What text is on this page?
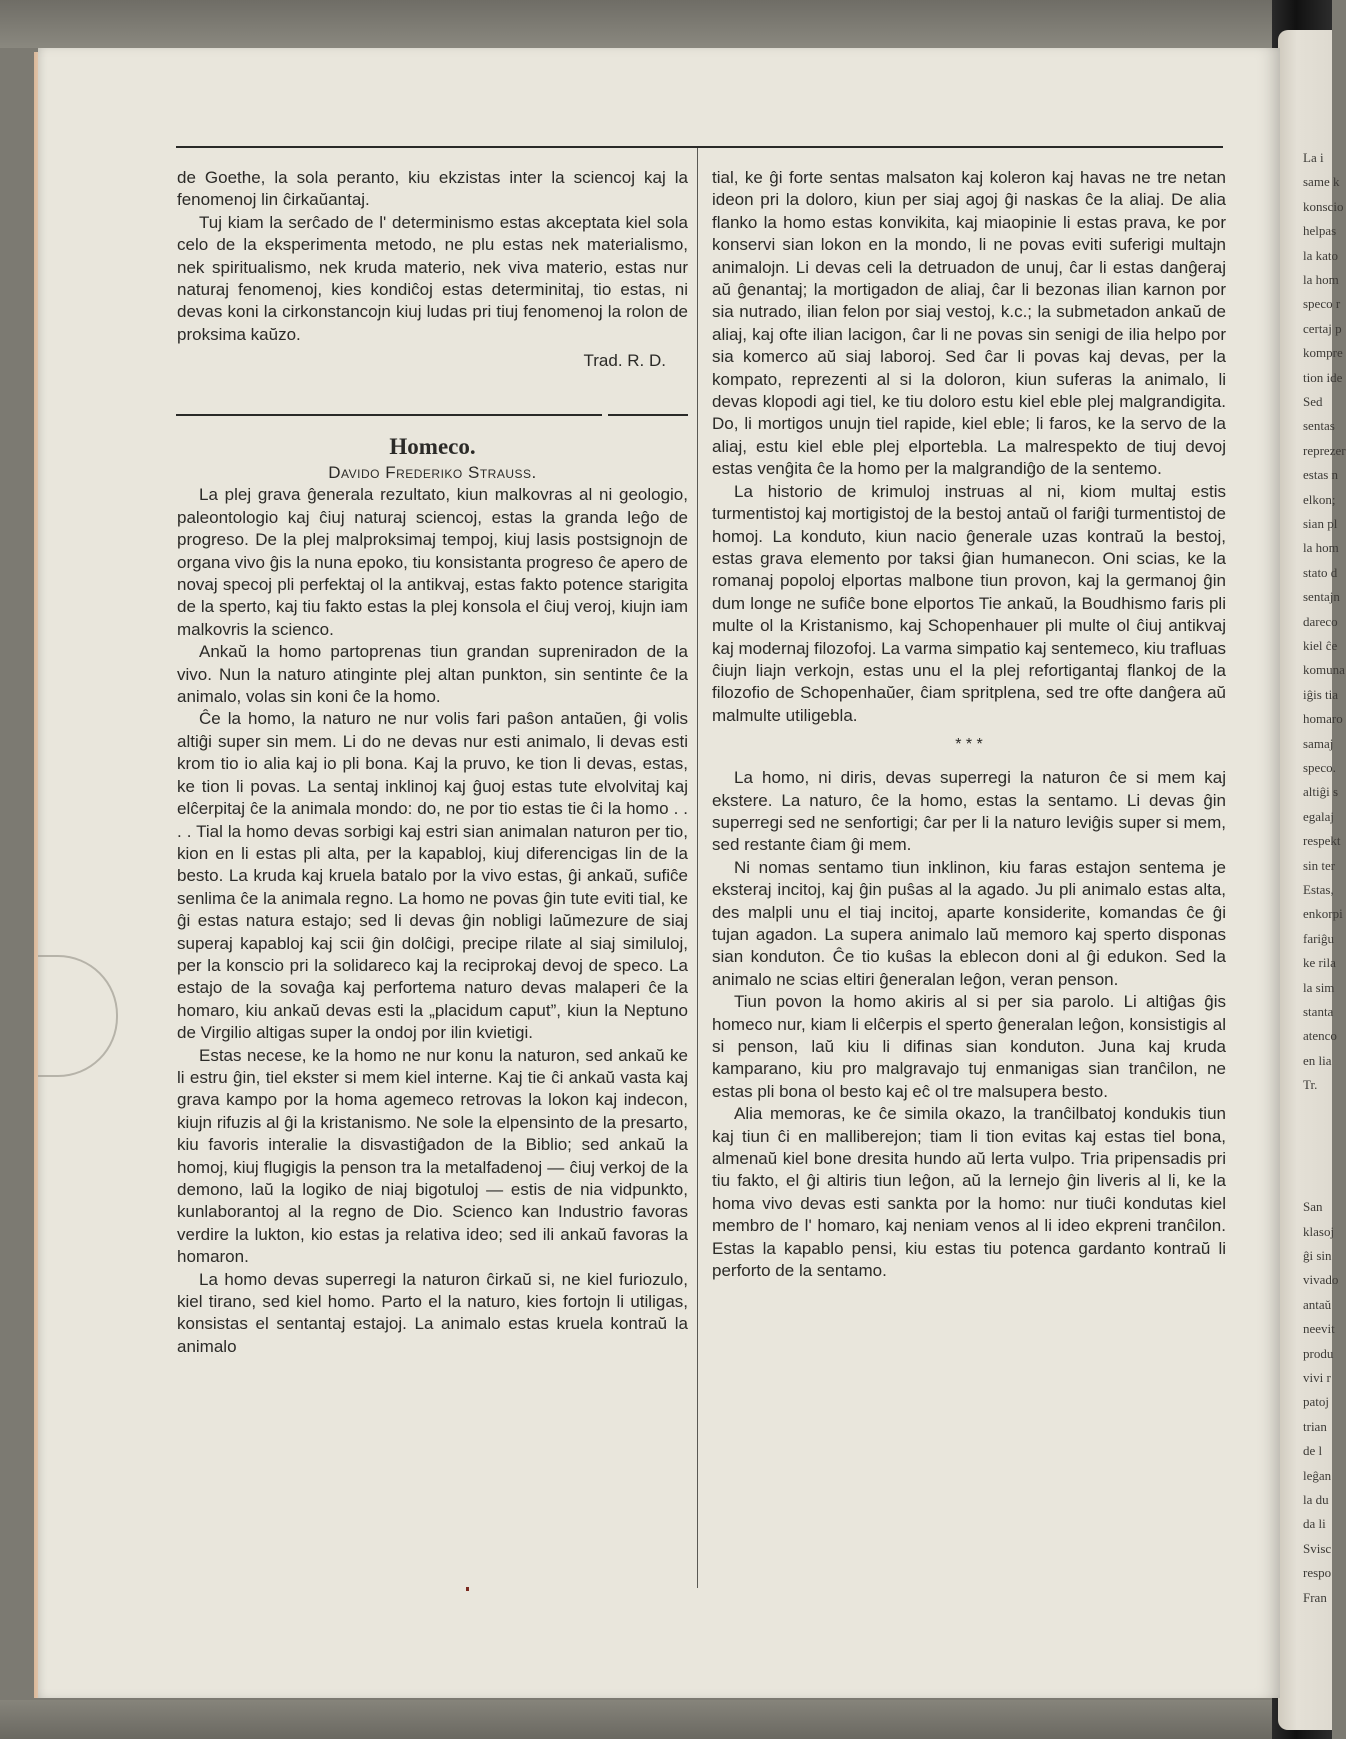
La i
same k
konscio
helpas
la kato
la hom
speco r
certaj p
kompre
tion ide
Sed
sentas
reprezer
estas n
elkon;
sian pl
la hom
stato d
sentajn
dareco
kiel ĉe
komuna
iĝis tia
homaro
samaj
speco.
altiĝi s
egalaj
respekt
sin ter
Estas,
enkorpi
fariĝu
ke rila
la sim
stanta
atenco
en lia
Tr.
San
klasoj
ĝi sin
vivado
antaŭ
neevit
produ
vivi r
patoj
trian
de l
leĝan
la du
da li
Svisc
respo
Fran

de Goethe, la sola peranto, kiu ekzistas inter la sciencoj kaj la fenomenoj lin ĉirkaŭantaj.

Tuj kiam la serĉado de l' determinismo estas akceptata kiel sola celo de la eksperimenta metodo, ne plu estas nek materialismo, nek spiritualismo, nek kruda materio, nek viva materio, estas nur naturaj fenomenoj, kies kondiĉoj estas determinitaj, tio estas, ni devas koni la cirkonstancojn kiuj ludas pri tiuj fenomenoj la rolon de proksima kaŭzo.

Trad. R. D.

Homeco.

Davido Frederiko Strauss.

La plej grava ĝenerala rezultato, kiun malkovras al ni geologio, paleontologio kaj ĉiuj naturaj sciencoj, estas la granda leĝo de progreso. De la plej malproksimaj tempoj, kiuj lasis postsignojn de organa vivo ĝis la nuna epoko, tiu konsistanta progreso ĉe apero de novaj specoj pli perfektaj ol la antikvaj, estas fakto potence starigita de la sperto, kaj tiu fakto estas la plej konsola el ĉiuj veroj, kiujn iam malkovris la scienco.

Ankaŭ la homo partoprenas tiun grandan supreniradon de la vivo. Nun la naturo atinginte plej altan punkton, sin sentinte ĉe la animalo, volas sin koni ĉe la homo.

Ĉe la homo, la naturo ne nur volis fari paŝon antaŭen, ĝi volis altiĝi super sin mem. Li do ne devas nur esti animalo, li devas esti krom tio io alia kaj io pli bona. Kaj la pruvo, ke tion li devas, estas, ke tion li povas. La sentaj inklinoj kaj ĝuoj estas tute elvolvitaj kaj elĉerpitaj ĉe la animala mondo: do, ne por tio estas tie ĉi la homo . . . . Tial la homo devas sorbigi kaj estri sian animalan naturon per tio, kion en li estas pli alta, per la kapabloj, kiuj diferencigas lin de la besto. La kruda kaj kruela batalo por la vivo estas, ĝi ankaŭ, sufiĉe senlima ĉe la animala regno. La homo ne povas ĝin tute eviti tial, ke ĝi estas natura estajo; sed li devas ĝin nobligi laŭmezure de siaj superaj kapabloj kaj scii ĝin dolĉigi, precipe rilate al siaj similuloj, per la konscio pri la solidareco kaj la reciprokaj devoj de speco. La estajo de la sovaĝa kaj perfortema naturo devas malaperi ĉe la homaro, kiu ankaŭ devas esti la „placidum caput”, kiun la Neptuno de Virgilio altigas super la ondoj por ilin kvietigi.

Estas necese, ke la homo ne nur konu la naturon, sed ankaŭ ke li estru ĝin, tiel ekster si mem kiel interne. Kaj tie ĉi ankaŭ vasta kaj grava kampo por la homa agemeco retrovas la lokon kaj indecon, kiujn rifuzis al ĝi la kristanismo. Ne sole la elpensinto de la presarto, kiu favoris interalie la disvastiĝadon de la Biblio; sed ankaŭ la homoj, kiuj flugigis la penson tra la metalfadenoj — ĉiuj verkoj de la demono, laŭ la logiko de niaj bigotuloj — estis de nia vidpunkto, kunlaborantoj al la regno de Dio. Scienco kan Industrio favoras verdire la lukton, kio estas ja relativa ideo; sed ili ankaŭ favoras la homaron.

La homo devas superregi la naturon ĉirkaŭ si, ne kiel furiozulo, kiel tirano, sed kiel homo. Parto el la naturo, kies fortojn li utiligas, konsistas el sentantaj estajoj. La animalo estas kruela kontraŭ la animalo

tial, ke ĝi forte sentas malsaton kaj koleron kaj havas ne tre netan ideon pri la doloro, kiun per siaj agoj ĝi naskas ĉe la aliaj. De alia flanko la homo estas konvikita, kaj miaopinie li estas prava, ke por konservi sian lokon en la mondo, li ne povas eviti suferigi multajn animalojn. Li devas celi la detruadon de unuj, ĉar li estas danĝeraj aŭ ĝenantaj; la mortigadon de aliaj, ĉar li bezonas ilian karnon por sia nutrado, ilian felon por siaj vestoj, k.c.; la submetadon ankaŭ de aliaj, kaj ofte ilian lacigon, ĉar li ne povas sin senigi de ilia helpo por sia komerco aŭ siaj laboroj. Sed ĉar li povas kaj devas, per la kompato, reprezenti al si la doloron, kiun suferas la animalo, li devas klopodi agi tiel, ke tiu doloro estu kiel eble plej malgrandigita. Do, li mortigos unujn tiel rapide, kiel eble; li faros, ke la servo de la aliaj, estu kiel eble plej elportebla. La malrespekto de tiuj devoj estas venĝita ĉe la homo per la malgrandiĝo de la sentemo.

La historio de krimuloj instruas al ni, kiom multaj estis turmentistoj kaj mortigistoj de la bestoj antaŭ ol fariĝi turmentistoj de homoj. La konduto, kiun nacio ĝenerale uzas kontraŭ la bestoj, estas grava elemento por taksi ĝian humanecon. Oni scias, ke la romanaj popoloj elportas malbone tiun provon, kaj la germanoj ĝin dum longe ne sufiĉe bone elportos Tie ankaŭ, la Boudhismo faris pli multe ol la Kristanismo, kaj Schopenhauer pli multe ol ĉiuj antikvaj kaj modernaj filozofoj. La varma simpatio kaj sentemeco, kiu trafluas ĉiujn liajn verkojn, estas unu el la plej refortigantaj flankoj de la filozofio de Schopenhaŭer, ĉiam spritplena, sed tre ofte danĝera aŭ malmulte utiligebla.

* * *

La homo, ni diris, devas superregi la naturon ĉe si mem kaj ekstere. La naturo, ĉe la homo, estas la sentamo. Li devas ĝin superregi sed ne senfortigi; ĉar per li la naturo leviĝis super si mem, sed restante ĉiam ĝi mem.

Ni nomas sentamo tiun inklinon, kiu faras estajon sentema je eksteraj incitoj, kaj ĝin puŝas al la agado. Ju pli animalo estas alta, des malpli unu el tiaj incitoj, aparte konsiderite, komandas ĉe ĝi tujan agadon. La supera animalo laŭ memoro kaj sperto disponas sian konduton. Ĉe tio kuŝas la eblecon doni al ĝi edukon. Sed la animalo ne scias eltiri ĝeneralan leĝon, veran penson.

Tiun povon la homo akiris al si per sia parolo. Li altiĝas ĝis homeco nur, kiam li elĉerpis el sperto ĝeneralan leĝon, konsistigis al si penson, laŭ kiu li difinas sian konduton. Juna kaj kruda kamparano, kiu pro malgravajo tuj enmanigas sian tranĉilon, ne estas pli bona ol besto kaj eĉ ol tre malsupera besto.

Alia memoras, ke ĉe simila okazo, la tranĉilbatoj kondukis tiun kaj tiun ĉi en malliberejon; tiam li tion evitas kaj estas tiel bona, almenaŭ kiel bone dresita hundo aŭ lerta vulpo. Tria pripensadis pri tiu fakto, el ĝi altiris tiun leĝon, aŭ la lernejo ĝin liveris al li, ke la homa vivo devas esti sankta por la homo: nur tiuĉi kondutas kiel membro de l' homaro, kaj neniam venos al li ideo ekpreni tranĉilon. Estas la kapablo pensi, kiu estas tiu potenca gardanto kontraŭ li perforto de la sentamo.
